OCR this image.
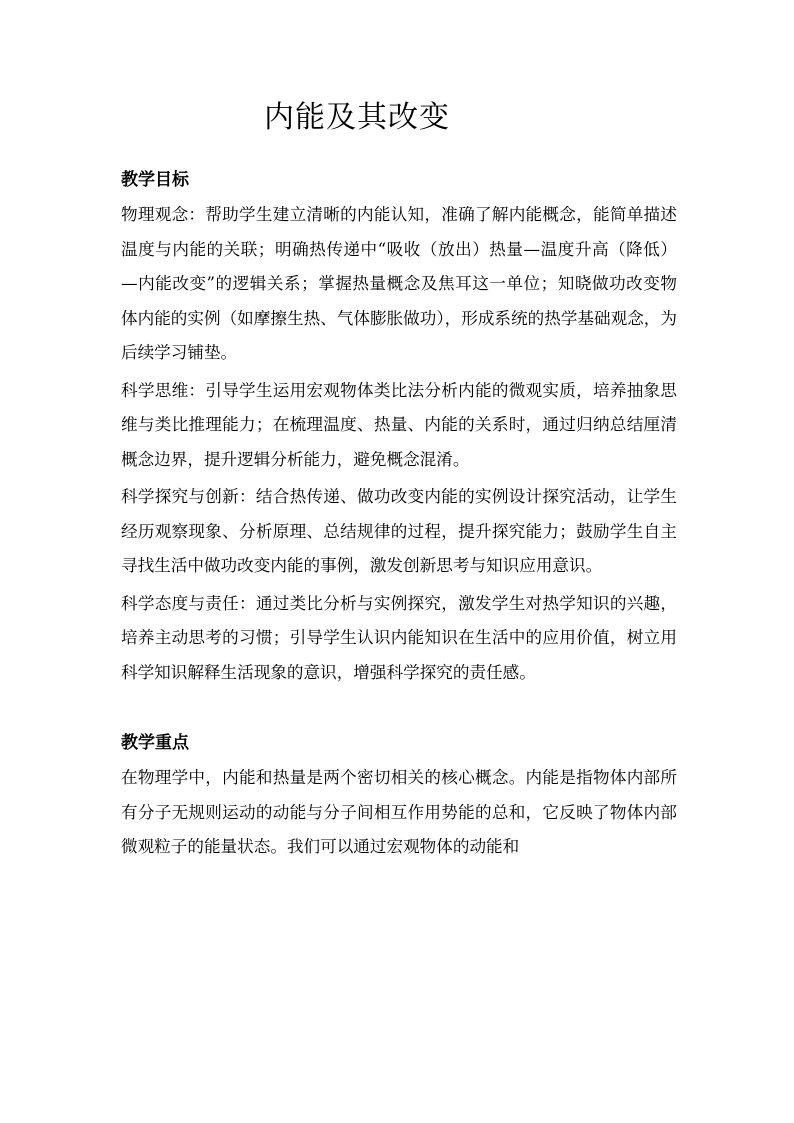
内能及其改变
教学目标

物理观念：帮助学生建立清晰的内能认知，准确了解内能概念，能简单描述温度与内能的关联；明确热传递中“吸收（放出）热量—温度升高（降低）—内能改变”的逻辑关系；掌握热量概念及焦耳这一单位；知晓做功改变物体内能的实例（如摩擦生热、气体膨胀做功），形成系统的热学基础观念，为后续学习铺垫。

科学思维：引导学生运用宏观物体类比法分析内能的微观实质，培养抽象思维与类比推理能力；在梳理温度、热量、内能的关系时，通过归纳总结厘清概念边界，提升逻辑分析能力，避免概念混淆。

科学探究与创新：结合热传递、做功改变内能的实例设计探究活动，让学生经历观察现象、分析原理、总结规律的过程，提升探究能力；鼓励学生自主寻找生活中做功改变内能的事例，激发创新思考与知识应用意识。

科学态度与责任：通过类比分析与实例探究，激发学生对热学知识的兴趣，培养主动思考的习惯；引导学生认识内能知识在生活中的应用价值，树立用科学知识解释生活现象的意识，增强科学探究的责任感。

教学重点

在物理学中，内能和热量是两个密切相关的核心概念。内能是指物体内部所有分子无规则运动的动能与分子间相互作用势能的总和，它反映了物体内部微观粒子的能量状态。我们可以通过宏观物体的动能和
